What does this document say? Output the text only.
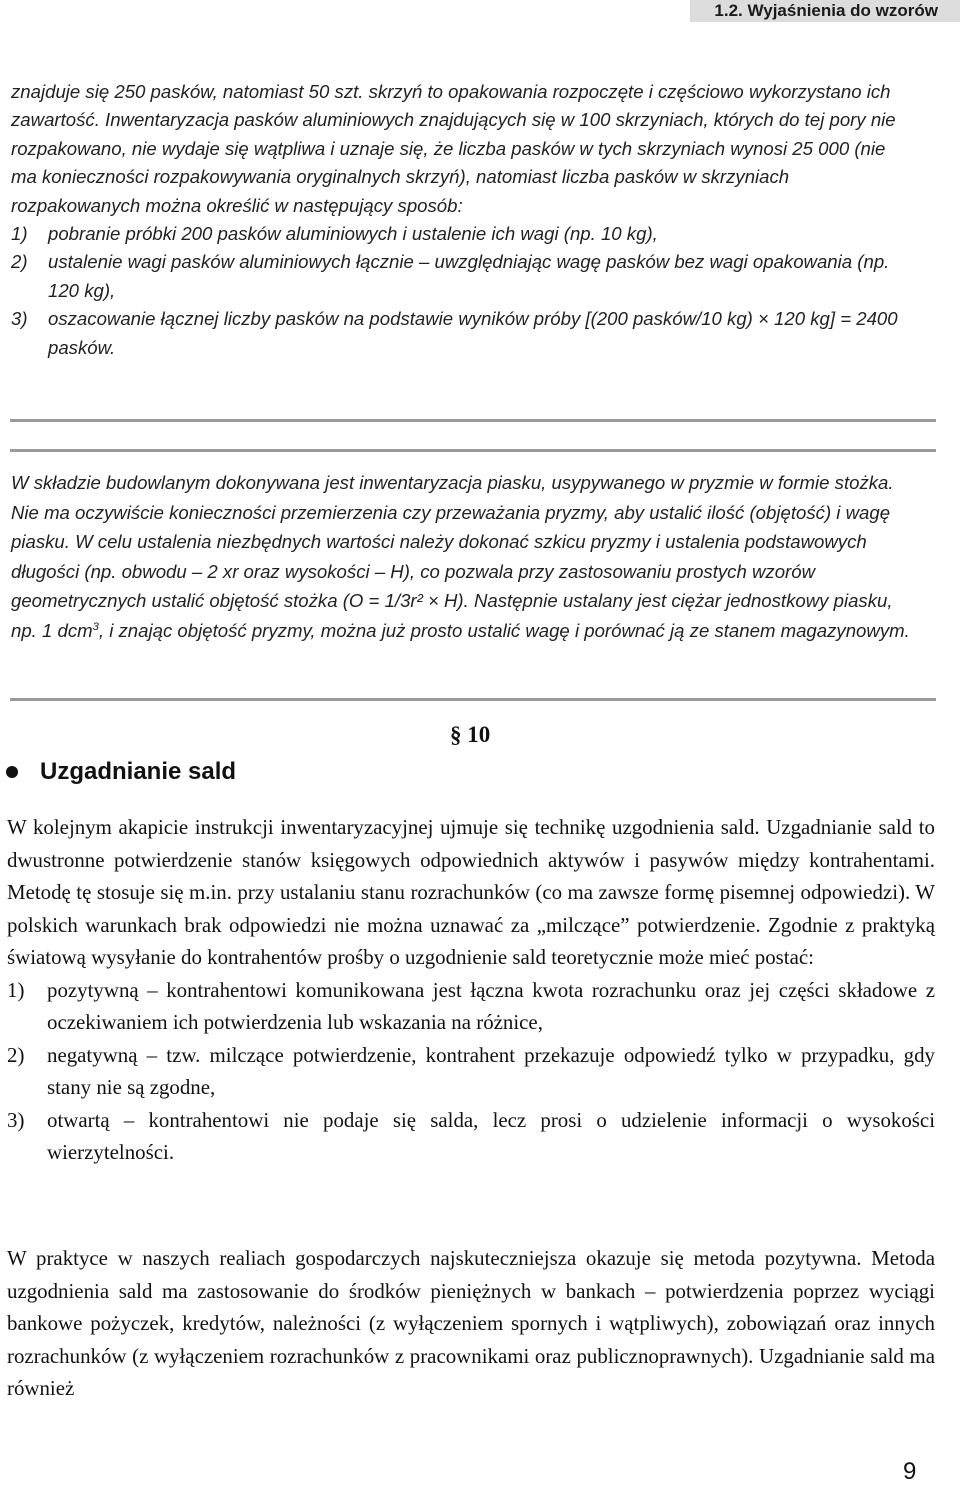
1.2. Wyjaśnienia do wzorów

znajduje się 250 pasków, natomiast 50 szt. skrzyń to opakowania rozpoczęte i częściowo wykorzystano ich zawartość. Inwentaryzacja pasków aluminiowych znajdujących się w 100 skrzyniach, których do tej pory nie rozpakowano, nie wydaje się wątpliwa i uznaje się, że liczba pasków w tych skrzyniach wynosi 25 000 (nie ma konieczności rozpakowywania oryginalnych skrzyń), natomiast liczba pasków w skrzyniach rozpakowanych można określić w następujący sposób:

1) pobranie próbki 200 pasków aluminiowych i ustalenie ich wagi (np. 10 kg),
2) ustalenie wagi pasków aluminiowych łącznie – uwzględniając wagę pasków bez wagi opakowania (np. 120 kg),
3) oszacowanie łącznej liczby pasków na podstawie wyników próby [(200 pasków/10 kg) × 120 kg] = 2400 pasków.

W składzie budowlanym dokonywana jest inwentaryzacja piasku, usypywanego w pryzmie w formie stożka. Nie ma oczywiście konieczności przemierzenia czy przeważania pryzmy, aby ustalić ilość (objętość) i wagę piasku. W celu ustalenia niezbędnych wartości należy dokonać szkicu pryzmy i ustalenia podstawowych długości (np. obwodu – 2 xr oraz wysokości – H), co pozwala przy zastosowaniu prostych wzorów geometrycznych ustalić objętość stożka (O = 1/3r² × H). Następnie ustalany jest ciężar jednostkowy piasku, np. 1 dcm$^3$, i znając objętość pryzmy, można już prosto ustalić wagę i porównać ją ze stanem magazynowym.

§ 10
Uzgadnianie sald

W kolejnym akapicie instrukcji inwentaryzacyjnej ujmuje się technikę uzgodnienia sald. Uzgadnianie sald to dwustronne potwierdzenie stanów księgowych odpowiednich aktywów i pasywów między kontrahentami. Metodę tę stosuje się m.in. przy ustalaniu stanu rozrachunków (co ma zawsze formę pisemnej odpowiedzi). W polskich warunkach brak odpowiedzi nie można uznawać za „milczące” potwierdzenie. Zgodnie z praktyką światową wysyłanie do kontrahentów prośby o uzgodnienie sald teoretycznie może mieć postać:

1) pozytywną – kontrahentowi komunikowana jest łączna kwota rozrachunku oraz jej części składowe z oczekiwaniem ich potwierdzenia lub wskazania na różnice,
2) negatywną – tzw. milczące potwierdzenie, kontrahent przekazuje odpowiedź tylko w przypadku, gdy stany nie są zgodne,
3) otwartą – kontrahentowi nie podaje się salda, lecz prosi o udzielenie informacji o wysokości wierzytelności.

W praktyce w naszych realiach gospodarczych najskuteczniejsza okazuje się metoda pozytywna. Metoda uzgodnienia sald ma zastosowanie do środków pieniężnych w bankach – potwierdzenia poprzez wyciągi bankowe pożyczek, kredytów, należności (z wyłączeniem spornych i wątpliwych), zobowiązań oraz innych rozrachunków (z wyłączeniem rozrachunków z pracownikami oraz publicznoprawnych). Uzgadnianie sald ma również

9
